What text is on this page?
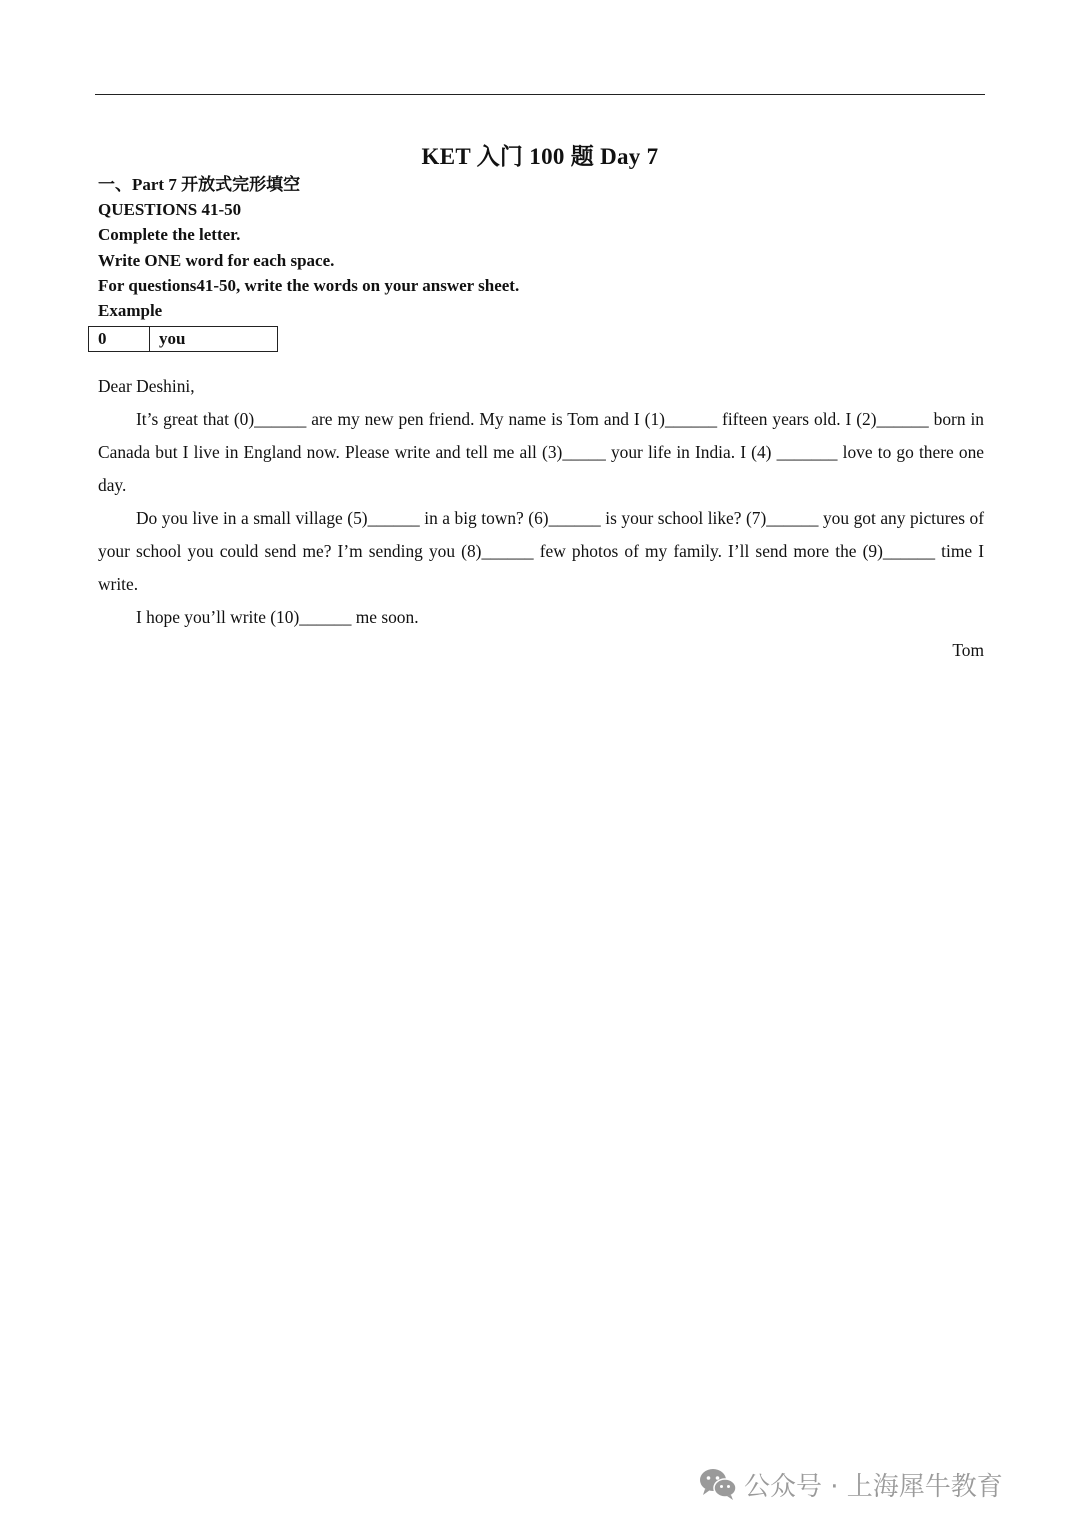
KET 入门 100 题 Day 7
一、Part 7 开放式完形填空
QUESTIONS 41-50
Complete the letter.
Write ONE word for each space.
For questions41-50, write the words on your answer sheet.
Example
0	you
Dear Deshini,

It’s great that (0)______ are my new pen friend. My name is Tom and I (1)______ fifteen years old. I (2)______ born in Canada but I live in England now. Please write and tell me all (3)_____ your life in India. I (4) _______ love to go there one day.

Do you live in a small village (5)______ in a big town? (6)______ is your school like? (7)______ you got any pictures of your school you could send me? I’m sending you (8)______ few photos of my family. I’ll send more the (9)______ time I write.

I hope you’ll write (10)______ me soon.

Tom
公众号 · 上海犀牛教育
